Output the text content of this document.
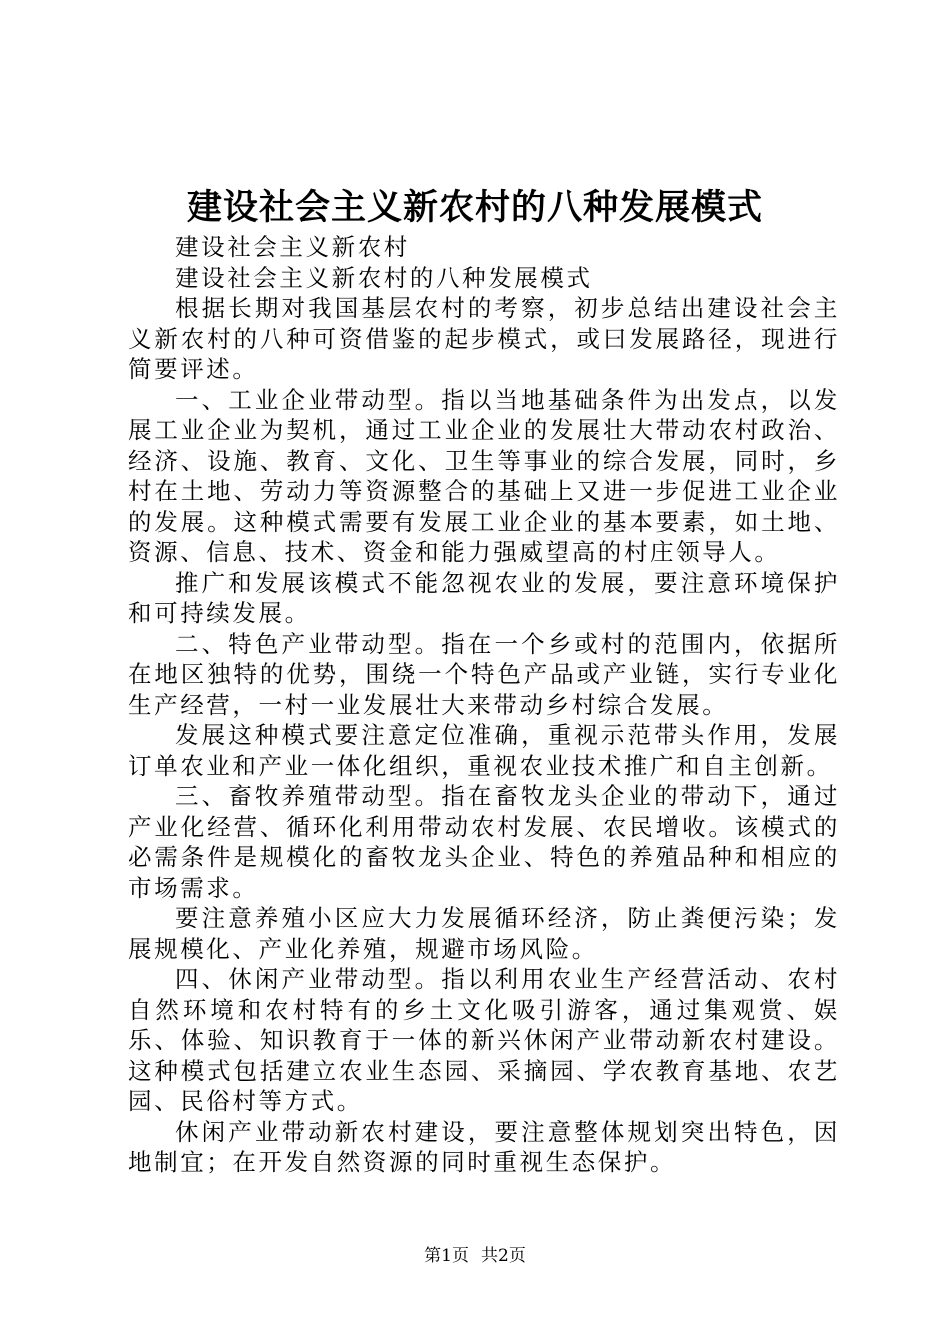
建设社会主义新农村的八种发展模式

建设社会主义新农村

建设社会主义新农村的八种发展模式

根据长期对我国基层农村的考察，初步总结出建设社会主义新农村的八种可资借鉴的起步模式，或曰发展路径，现进行简要评述。

一、工业企业带动型。指以当地基础条件为出发点，以发展工业企业为契机，通过工业企业的发展壮大带动农村政治、经济、设施、教育、文化、卫生等事业的综合发展，同时，乡村在土地、劳动力等资源整合的基础上又进一步促进工业企业的发展。这种模式需要有发展工业企业的基本要素，如土地、资源、信息、技术、资金和能力强威望高的村庄领导人。

推广和发展该模式不能忽视农业的发展，要注意环境保护和可持续发展。

二、特色产业带动型。指在一个乡或村的范围内，依据所在地区独特的优势，围绕一个特色产品或产业链，实行专业化生产经营，一村一业发展壮大来带动乡村综合发展。

发展这种模式要注意定位准确，重视示范带头作用，发展订单农业和产业一体化组织，重视农业技术推广和自主创新。

三、畜牧养殖带动型。指在畜牧龙头企业的带动下，通过产业化经营、循环化利用带动农村发展、农民增收。该模式的必需条件是规模化的畜牧龙头企业、特色的养殖品种和相应的市场需求。

要注意养殖小区应大力发展循环经济，防止粪便污染；发展规模化、产业化养殖，规避市场风险。

四、休闲产业带动型。指以利用农业生产经营活动、农村自然环境和农村特有的乡土文化吸引游客，通过集观赏、娱乐、体验、知识教育于一体的新兴休闲产业带动新农村建设。这种模式包括建立农业生态园、采摘园、学农教育基地、农艺园、民俗村等方式。

休闲产业带动新农村建设，要注意整体规划突出特色，因地制宜；在开发自然资源的同时重视生态保护。

第1页 共2页
